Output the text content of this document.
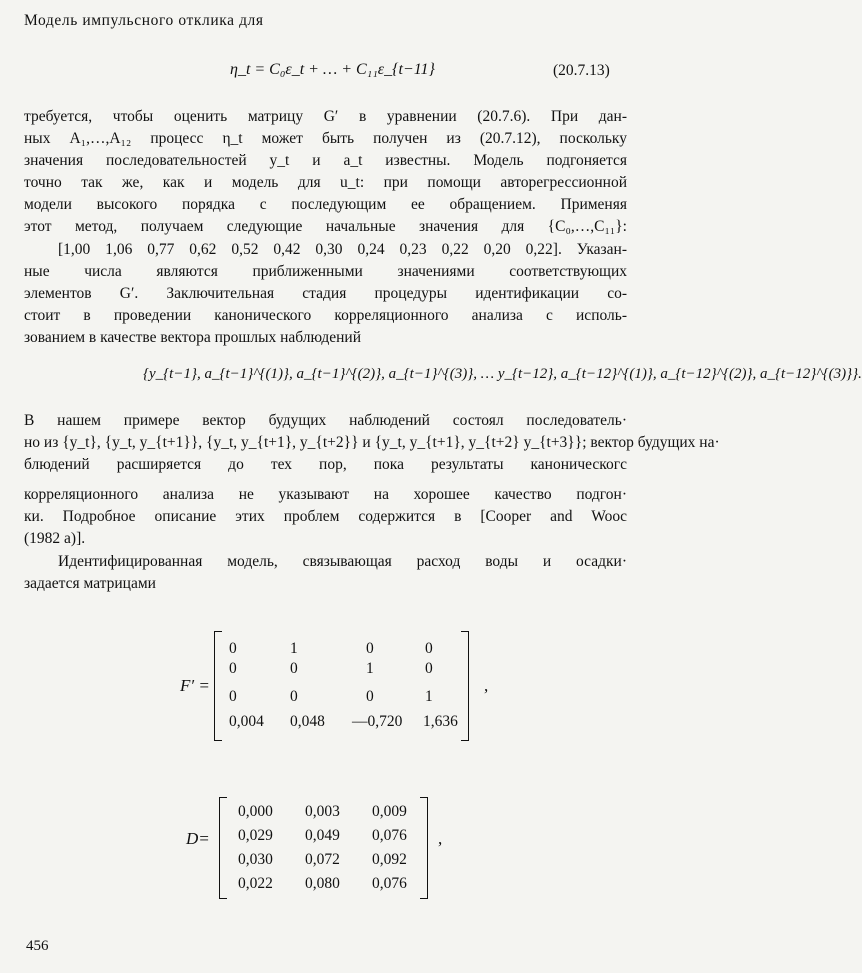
Модель импульсного отклика для
η_t = C₀ε_t + … + C₁₁ε_{t−11}	(20.7.13)
требуется, чтобы оценить матрицу G′ в уравнении (20.7.6). При дан-
ных A₁,…,A₁₂ процесс η_t может быть получен из (20.7.12), поскольку
значения последовательностей y_t и a_t известны. Модель подгоняется
точно так же, как и модель для u_t: при помощи авторегрессионной
модели высокого порядка с последующим ее обращением. Применяя
этот метод, получаем следующие начальные значения для {C₀,…,C₁₁}:
[1,00 1,06 0,77 0,62 0,52 0,42 0,30 0,24 0,23 0,22 0,20 0,22]. Указан-
ные числа являются приближенными значениями соответствующих
элементов G′. Заключительная стадия процедуры идентификации со-
стоит в проведении канонического корреляционного анализа с исполь-
зованием в качестве вектора прошлых наблюдений
{y_{t−1}, a_{t−1}^{(1)}, a_{t−1}^{(2)}, a_{t−1}^{(3)}, … y_{t−12}, a_{t−12}^{(1)}, a_{t−12}^{(2)}, a_{t−12}^{(3)}}.
В нашем примере вектор будущих наблюдений состоял последователь·
но из {y_t}, {y_t, y_{t+1}}, {y_t, y_{t+1}, y_{t+2}} и {y_t, y_{t+1}, y_{t+2} y_{t+3}}; вектор будущих на·
блюдений расширяется до тех пор, пока результаты каноническогс
корреляционного анализа не указывают на хорошее качество подгон·
ки. Подробное описание этих проблем содержится в [Cooper and Wooc
(1982 a)].
Идентифицированная модель, связывающая расход воды и осадки·
задается матрицами
F′ =
0	1	0	0
0	0	1	0
0	0	0	1
0,004 0,048 —0,720 1,636
,
D=
0,000 0,003 0,009
0,029 0,049 0,076
0,030 0,072 0,092
0,022 0,080 0,076
,
456
